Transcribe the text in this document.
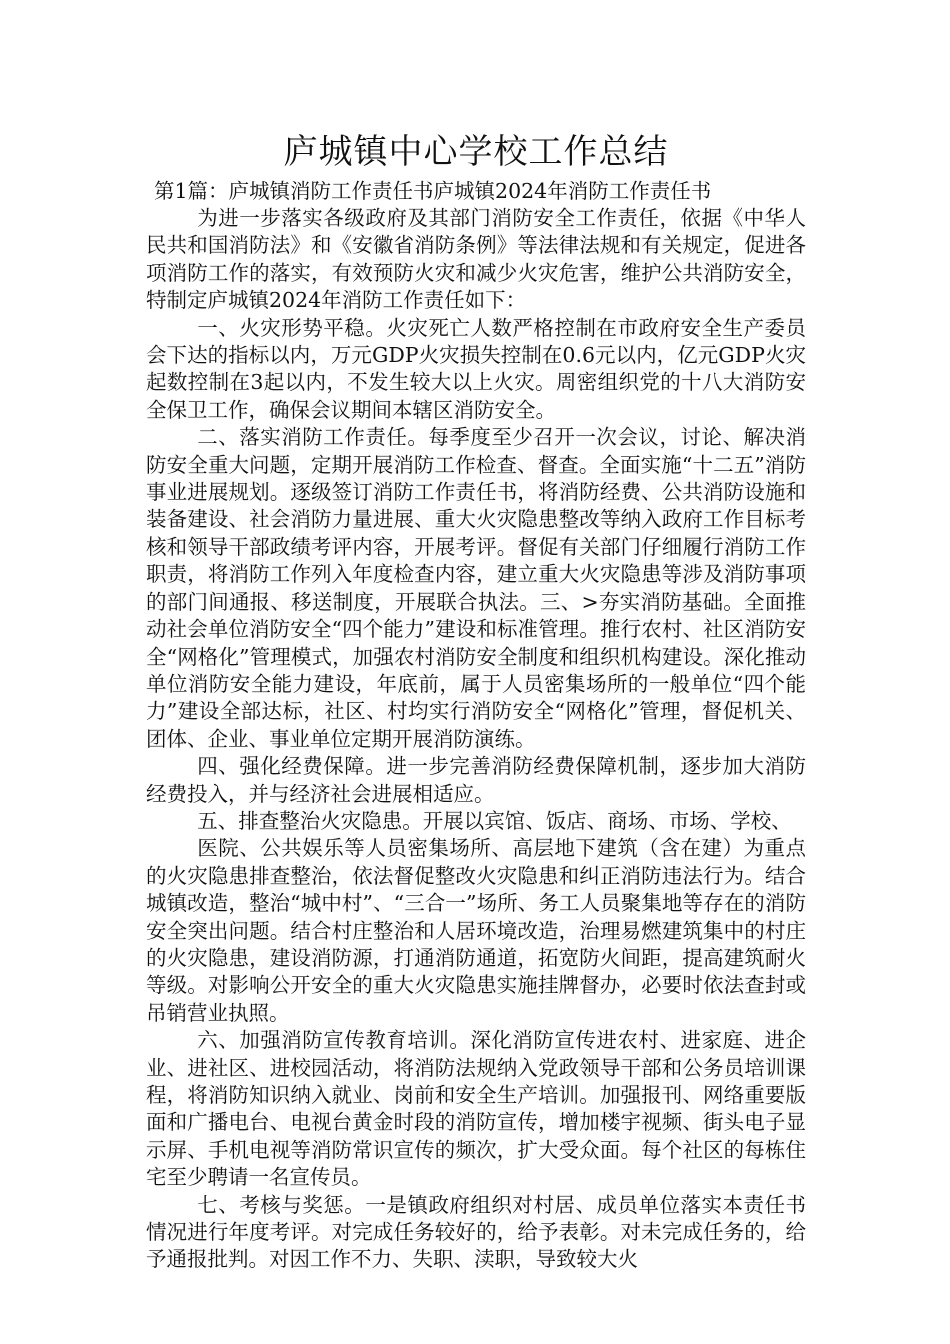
庐城镇中心学校工作总结

第1篇：庐城镇消防工作责任书庐城镇2024年消防工作责任书

为进一步落实各级政府及其部门消防安全工作责任，依据《中华人民共和国消防法》和《安徽省消防条例》等法律法规和有关规定，促进各项消防工作的落实，有效预防火灾和减少火灾危害，维护公共消防安全，特制定庐城镇2024年消防工作责任如下：

一、火灾形势平稳。火灾死亡人数严格控制在市政府安全生产委员会下达的指标以内，万元GDP火灾损失控制在0.6元以内，亿元GDP火灾起数控制在3起以内，不发生较大以上火灾。周密组织党的十八大消防安全保卫工作，确保会议期间本辖区消防安全。

二、落实消防工作责任。每季度至少召开一次会议，讨论、解决消防安全重大问题，定期开展消防工作检查、督查。全面实施“十二五”消防事业进展规划。逐级签订消防工作责任书，将消防经费、公共消防设施和装备建设、社会消防力量进展、重大火灾隐患整改等纳入政府工作目标考核和领导干部政绩考评内容，开展考评。督促有关部门仔细履行消防工作职责，将消防工作列入年度检查内容，建立重大火灾隐患等涉及消防事项的部门间通报、移送制度，开展联合执法。三、>夯实消防基础。全面推动社会单位消防安全“四个能力”建设和标准管理。推行农村、社区消防安全“网格化”管理模式，加强农村消防安全制度和组织机构建设。深化推动单位消防安全能力建设，年底前，属于人员密集场所的一般单位“四个能力”建设全部达标，社区、村均实行消防安全“网格化”管理，督促机关、团体、企业、事业单位定期开展消防演练。

四、强化经费保障。进一步完善消防经费保障机制，逐步加大消防经费投入，并与经济社会进展相适应。

五、排查整治火灾隐患。开展以宾馆、饭店、商场、市场、学校、

医院、公共娱乐等人员密集场所、高层地下建筑（含在建）为重点的火灾隐患排查整治，依法督促整改火灾隐患和纠正消防违法行为。结合城镇改造，整治“城中村”、“三合一”场所、务工人员聚集地等存在的消防安全突出问题。结合村庄整治和人居环境改造，治理易燃建筑集中的村庄的火灾隐患，建设消防源，打通消防通道，拓宽防火间距，提高建筑耐火等级。对影响公开安全的重大火灾隐患实施挂牌督办，必要时依法查封或吊销营业执照。

六、加强消防宣传教育培训。深化消防宣传进农村、进家庭、进企业、进社区、进校园活动，将消防法规纳入党政领导干部和公务员培训课程，将消防知识纳入就业、岗前和安全生产培训。加强报刊、网络重要版面和广播电台、电视台黄金时段的消防宣传，增加楼宇视频、街头电子显示屏、手机电视等消防常识宣传的频次，扩大受众面。每个社区的每栋住宅至少聘请一名宣传员。

七、考核与奖惩。一是镇政府组织对村居、成员单位落实本责任书情况进行年度考评。对完成任务较好的，给予表彰。对未完成任务的，给予通报批判。对因工作不力、失职、渎职，导致较大火
